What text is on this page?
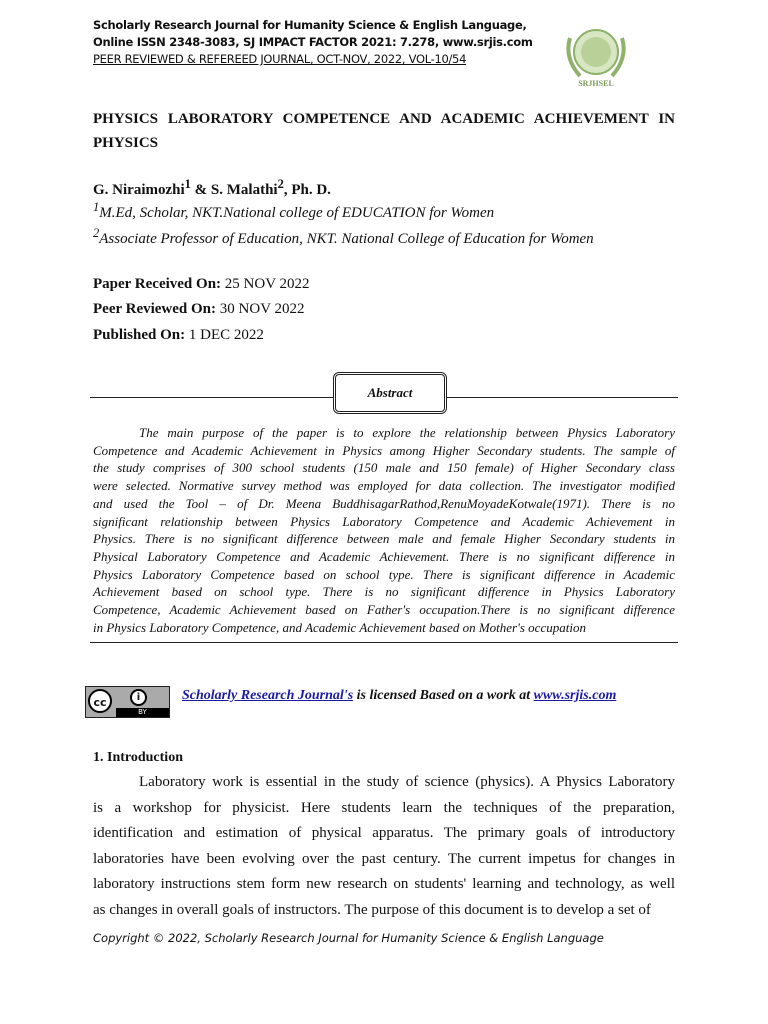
Scholarly Research Journal for Humanity Science & English Language,
Online ISSN 2348-3083, SJ IMPACT FACTOR 2021: 7.278, www.srjis.com
PEER REVIEWED & REFEREED JOURNAL, OCT-NOV, 2022, VOL-10/54
SRJHSEL
PHYSICS LABORATORY COMPETENCE AND ACADEMIC ACHIEVEMENT IN
PHYSICS
G. Niraimozhi$^1$ & S. Malathi$^2$, Ph. D.
$^1$M.Ed, Scholar, NKT.National college of EDUCATION for Women
$^2$Associate Professor of Education, NKT. National College of Education for Women
Paper Received On: 25 NOV 2022
Peer Reviewed On: 30 NOV 2022
Published On: 1 DEC 2022
Abstract
The main purpose of the paper is to explore the relationship between Physics Laboratory
Competence and Academic Achievement in Physics among Higher Secondary students. The sample of
the study comprises of 300 school students (150 male and 150 female) of Higher Secondary class
were selected. Normative survey method was employed for data collection. The investigator modified
and used the Tool – of Dr. Meena BuddhisagarRathod,RenuMoyadeKotwale(1971). There is no
significant relationship between Physics Laboratory Competence and Academic Achievement in
Physics. There is no significant difference between male and female Higher Secondary students in
Physical Laboratory Competence and Academic Achievement. There is no significant difference in
Physics Laboratory Competence based on school type. There is significant difference in Academic
Achievement based on school type. There is no significant difference in Physics Laboratory
Competence, Academic Achievement based on Father's occupation.There is no significant difference
in Physics Laboratory Competence, and Academic Achievement based on Mother's occupation
cc	i
BY
Scholarly Research Journal's is licensed Based on a work at www.srjis.com
1. Introduction
Laboratory work is essential in the study of science (physics). A Physics Laboratory
is a workshop for physicist. Here students learn the techniques of the preparation,
identification and estimation of physical apparatus. The primary goals of introductory
laboratories have been evolving over the past century. The current impetus for changes in
laboratory instructions stem form new research on students' learning and technology, as well
as changes in overall goals of instructors. The purpose of this document is to develop a set of
Copyright © 2022, Scholarly Research Journal for Humanity Science & English Language
